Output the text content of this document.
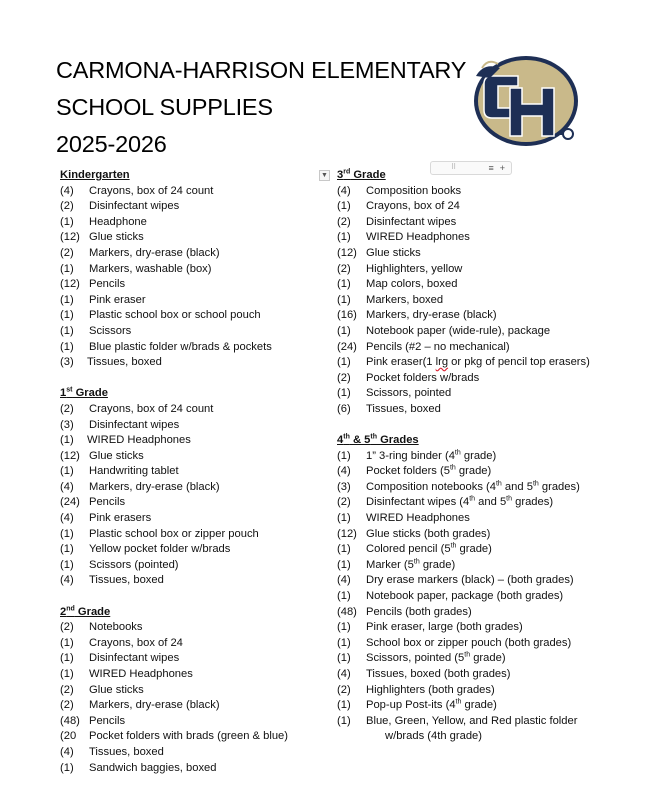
CARMONA-HARRISON ELEMENTARY
SCHOOL SUPPLIES
2025-2026
⠿	≡ +
▼
Kindergarten
(4)	Crayons, box of 24 count
(2)	Disinfectant wipes
(1)	Headphone
(12) Glue sticks
(2)	Markers, dry-erase (black)
(1)	Markers, washable (box)
(12) Pencils
(1)	Pink eraser
(1)	Plastic school box or school pouch
(1)	Scissors
(1)	Blue plastic folder w/brads & pockets
(3)	Tissues, boxed
1st Grade
(2)	Crayons, box of 24 count
(3)	Disinfectant wipes
(1)	WIRED Headphones
(12) Glue sticks
(1)	Handwriting tablet
(4)	Markers, dry-erase (black)
(24) Pencils
(4)	Pink erasers
(1)	Plastic school box or zipper pouch
(1)	Yellow pocket folder w/brads
(1)	Scissors (pointed)
(4)	Tissues, boxed
2nd Grade
(2)	Notebooks
(1)	Crayons, box of 24
(1)	Disinfectant wipes
(1)	WIRED Headphones
(2)	Glue sticks
(2)	Markers, dry-erase (black)
(48) Pencils
(20	Pocket folders with brads (green & blue)
(4)	Tissues, boxed
(1)	Sandwich baggies, boxed
3rd Grade
(4)	Composition books
(1)	Crayons, box of 24
(2)	Disinfectant wipes
(1)	WIRED Headphones
(12) Glue sticks
(2)	Highlighters, yellow
(1)	Map colors, boxed
(1)	Markers, boxed
(16) Markers, dry-erase (black)
(1)	Notebook paper (wide-rule), package
(24) Pencils (#2 – no mechanical)
(1)	Pink eraser(1 lrg or pkg of pencil top erasers)
(2)	Pocket folders w/brads
(1)	Scissors, pointed
(6)	Tissues, boxed
4th & 5th Grades
(1)	1” 3-ring binder (4th grade)
(4)	Pocket folders (5th grade)
(3)	Composition notebooks (4th and 5th grades)
(2)	Disinfectant wipes (4th and 5th grades)
(1)	WIRED Headphones
(12) Glue sticks (both grades)
(1)	Colored pencil (5th grade)
(1)	Marker (5th grade)
(4)	Dry erase markers (black) – (both grades)
(1)	Notebook paper, package (both grades)
(48) Pencils (both grades)
(1)	Pink eraser, large (both grades)
(1)	School box or zipper pouch (both grades)
(1)	Scissors, pointed (5th grade)
(4)	Tissues, boxed (both grades)
(2)	Highlighters (both grades)
(1)	Pop-up Post-its (4th grade)
(1)	Blue, Green, Yellow, and Red plastic folder
w/brads (4th grade)
